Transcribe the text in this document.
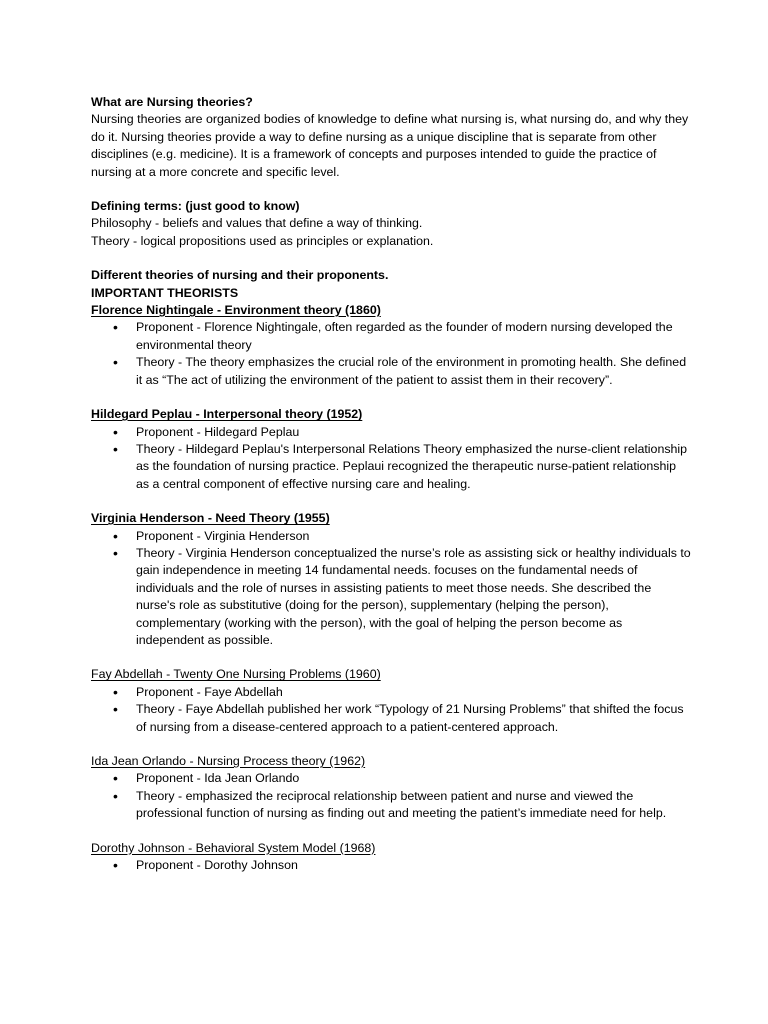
What are Nursing theories?

Nursing theories are organized bodies of knowledge to define what nursing is, what nursing do, and why they do it. Nursing theories provide a way to define nursing as a unique discipline that is separate from other disciplines (e.g. medicine). It is a framework of concepts and purposes intended to guide the practice of nursing at a more concrete and specific level.

Defining terms: (just good to know)

Philosophy - beliefs and values that define a way of thinking.

Theory - logical propositions used as principles or explanation.

Different theories of nursing and their proponents.

IMPORTANT THEORISTS

Florence Nightingale - Environment theory (1860)

• Proponent - Florence Nightingale, often regarded as the founder of modern nursing developed the environmental theory
• Theory - The theory emphasizes the crucial role of the environment in promoting health. She defined it as “The act of utilizing the environment of the patient to assist them in their recovery”.

Hildegard Peplau - Interpersonal theory (1952)

• Proponent - Hildegard Peplau
• Theory - Hildegard Peplau's Interpersonal Relations Theory emphasized the nurse-client relationship as the foundation of nursing practice. Peplaui recognized the therapeutic nurse-patient relationship as a central component of effective nursing care and healing.

Virginia Henderson - Need Theory (1955)

• Proponent - Virginia Henderson
• Theory - Virginia Henderson conceptualized the nurse’s role as assisting sick or healthy individuals to gain independence in meeting 14 fundamental needs. focuses on the fundamental needs of individuals and the role of nurses in assisting patients to meet those needs. She described the nurse's role as substitutive (doing for the person), supplementary (helping the person), complementary (working with the person), with the goal of helping the person become as independent as possible.

Fay Abdellah - Twenty One Nursing Problems (1960)

• Proponent - Faye Abdellah
• Theory - Faye Abdellah published her work “Typology of 21 Nursing Problems” that shifted the focus of nursing from a disease-centered approach to a patient-centered approach.

Ida Jean Orlando - Nursing Process theory (1962)

• Proponent - Ida Jean Orlando
• Theory - emphasized the reciprocal relationship between patient and nurse and viewed the professional function of nursing as finding out and meeting the patient’s immediate need for help.

Dorothy Johnson - Behavioral System Model (1968)

• Proponent - Dorothy Johnson
